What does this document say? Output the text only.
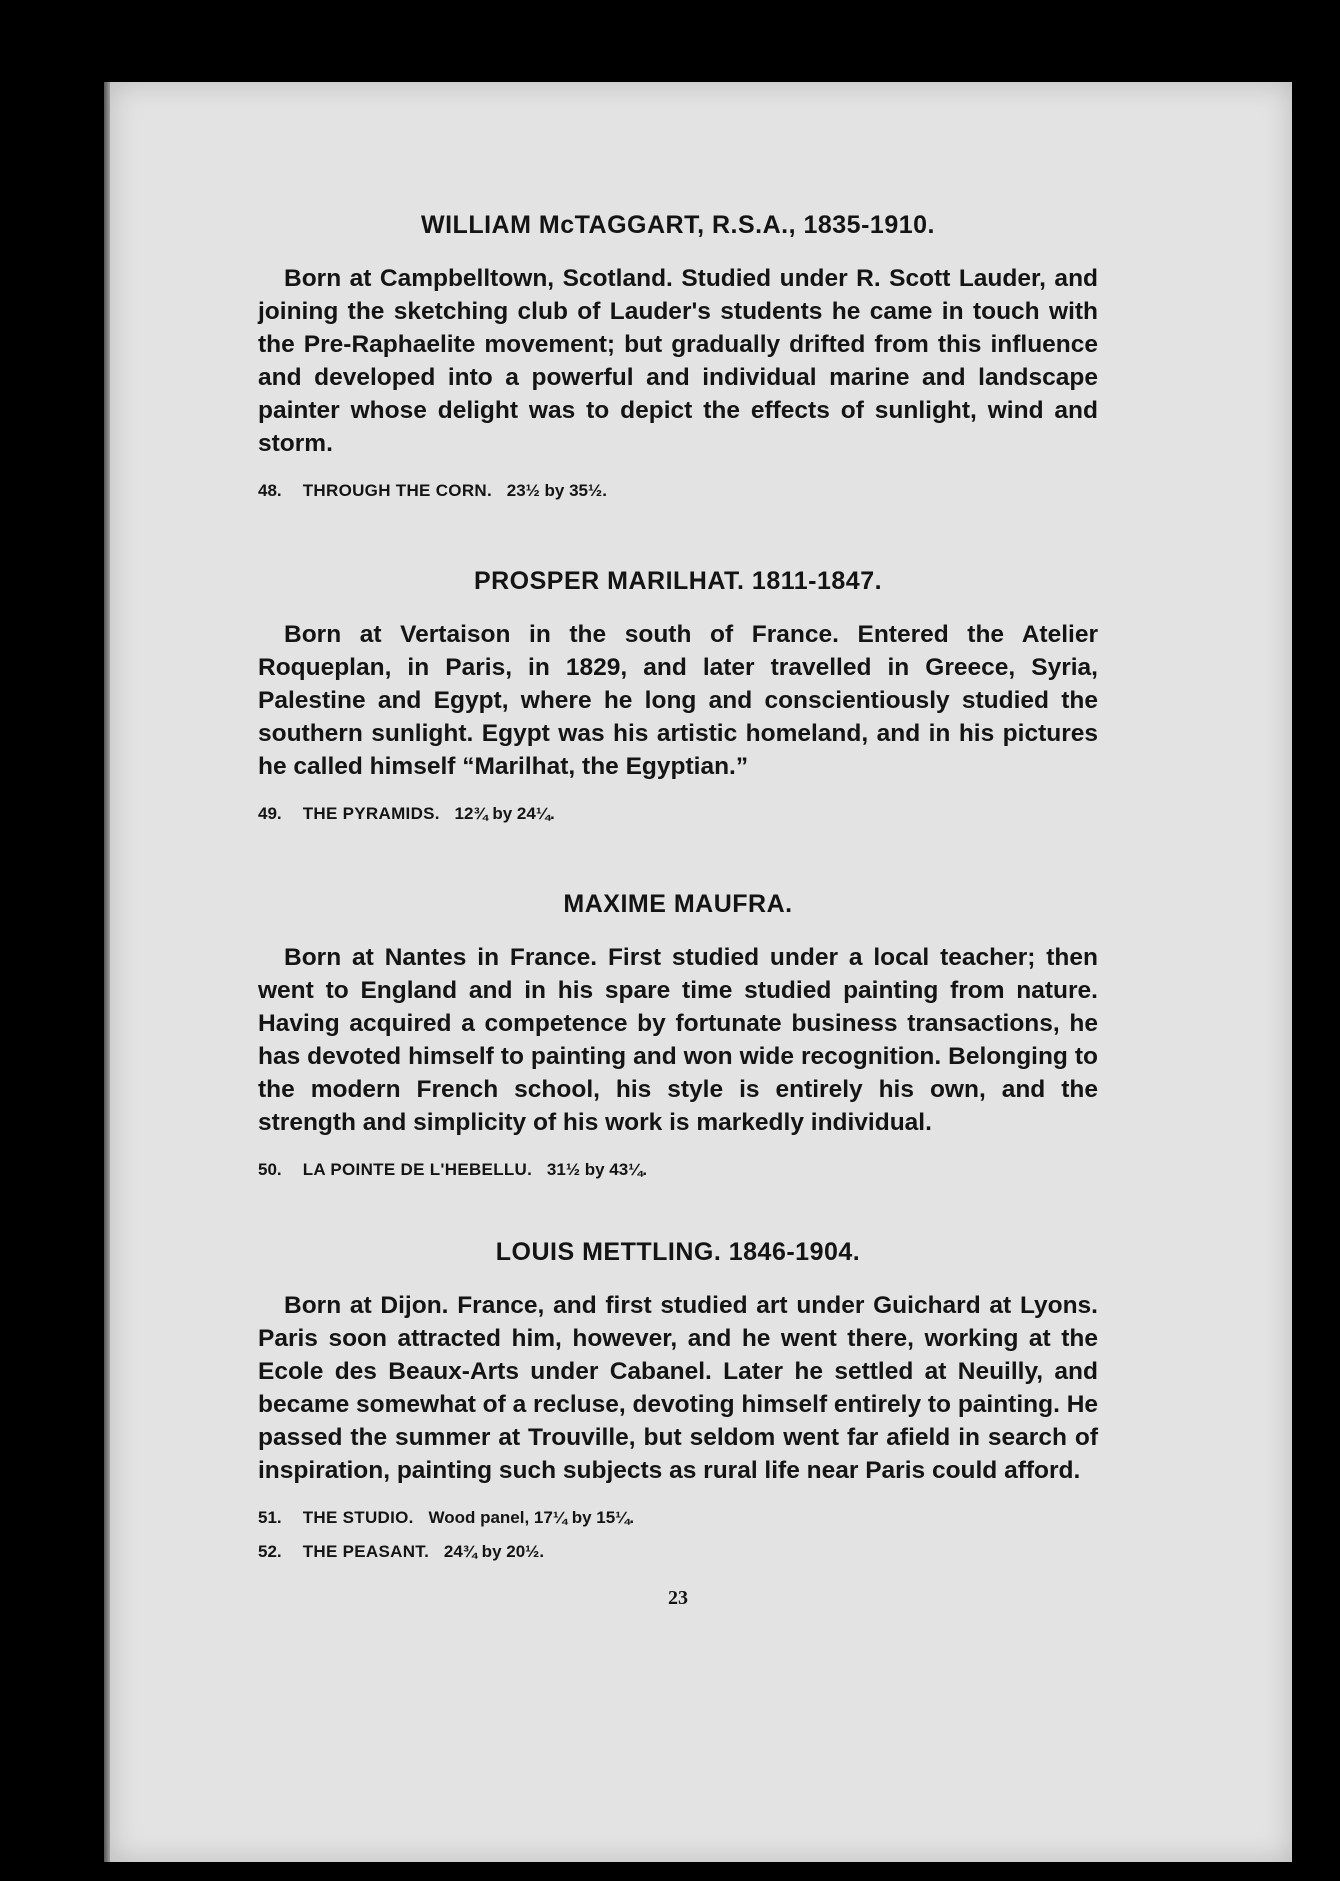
WILLIAM McTAGGART, R.S.A., 1835-1910.

Born at Campbelltown, Scotland. Studied under R. Scott Lauder, and joining the sketching club of Lauder's students he came in touch with the Pre-Raphaelite movement; but gradually drifted from this influence and developed into a powerful and individual marine and landscape painter whose delight was to depict the effects of sunlight, wind and storm.

48. THROUGH THE CORN. 23½ by 35½.
PROSPER MARILHAT. 1811-1847.

Born at Vertaison in the south of France. Entered the Atelier Roqueplan, in Paris, in 1829, and later travelled in Greece, Syria, Palestine and Egypt, where he long and conscientiously studied the southern sunlight. Egypt was his artistic homeland, and in his pictures he called himself “Marilhat, the Egyptian.”

49. THE PYRAMIDS. 12¾ by 24¼.
MAXIME MAUFRA.

Born at Nantes in France. First studied under a local teacher; then went to England and in his spare time studied painting from nature. Having acquired a competence by fortunate business transactions, he has devoted himself to painting and won wide recognition. Belonging to the modern French school, his style is entirely his own, and the strength and simplicity of his work is markedly individual.

50. LA POINTE DE L'HEBELLU. 31½ by 43¼.
LOUIS METTLING. 1846-1904.

Born at Dijon. France, and first studied art under Guichard at Lyons. Paris soon attracted him, however, and he went there, working at the Ecole des Beaux-Arts under Cabanel. Later he settled at Neuilly, and became somewhat of a recluse, devoting himself entirely to painting. He passed the summer at Trouville, but seldom went far afield in search of inspiration, painting such subjects as rural life near Paris could afford.

51. THE STUDIO. Wood panel, 17¼ by 15¼.
52. THE PEASANT. 24¾ by 20½.
23
